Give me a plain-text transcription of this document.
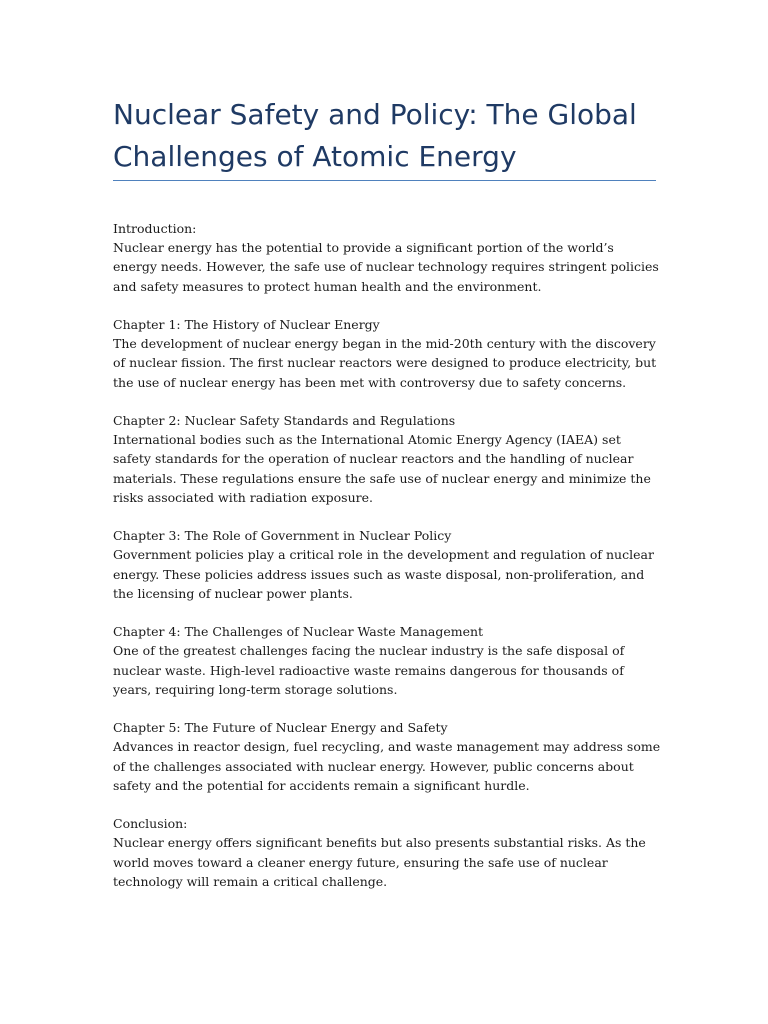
Nuclear Safety and Policy: The Global Challenges of Atomic Energy
Introduction:
Nuclear energy has the potential to provide a significant portion of the world’s energy needs. However, the safe use of nuclear technology requires stringent policies and safety measures to protect human health and the environment.
Chapter 1: The History of Nuclear Energy
The development of nuclear energy began in the mid-20th century with the discovery of nuclear fission. The first nuclear reactors were designed to produce electricity, but the use of nuclear energy has been met with controversy due to safety concerns.
Chapter 2: Nuclear Safety Standards and Regulations
International bodies such as the International Atomic Energy Agency (IAEA) set safety standards for the operation of nuclear reactors and the handling of nuclear materials. These regulations ensure the safe use of nuclear energy and minimize the risks associated with radiation exposure.
Chapter 3: The Role of Government in Nuclear Policy
Government policies play a critical role in the development and regulation of nuclear energy. These policies address issues such as waste disposal, non-proliferation, and the licensing of nuclear power plants.
Chapter 4: The Challenges of Nuclear Waste Management
One of the greatest challenges facing the nuclear industry is the safe disposal of nuclear waste. High-level radioactive waste remains dangerous for thousands of years, requiring long-term storage solutions.
Chapter 5: The Future of Nuclear Energy and Safety
Advances in reactor design, fuel recycling, and waste management may address some of the challenges associated with nuclear energy. However, public concerns about safety and the potential for accidents remain a significant hurdle.
Conclusion:
Nuclear energy offers significant benefits but also presents substantial risks. As the world moves toward a cleaner energy future, ensuring the safe use of nuclear technology will remain a critical challenge.
